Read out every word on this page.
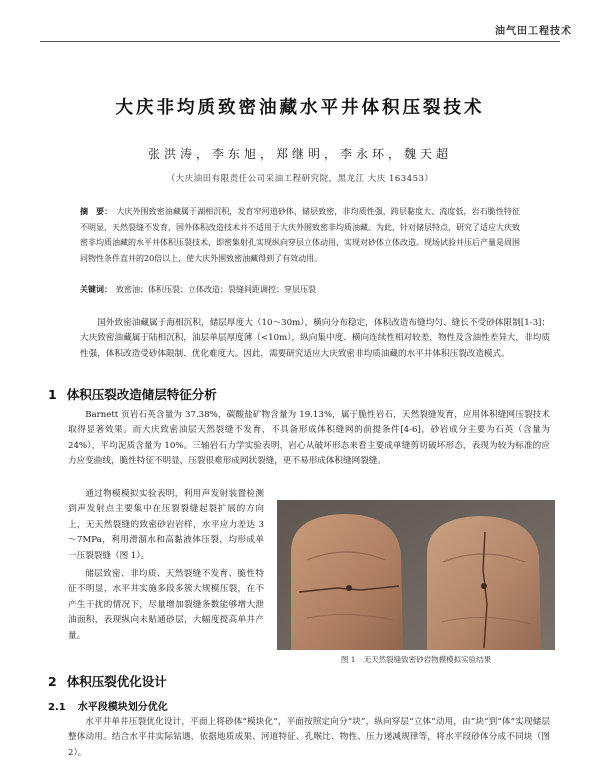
油气田工程技术
大庆非均质致密油藏水平井体积压裂技术
张洪涛，李东旭，郑继明，李永环，魏天超
（大庆油田有限责任公司采油工程研究院，黑龙江 大庆 163453）
摘　要： 大庆外围致密油藏属于湖相沉积，发育窄河道砂体，储层致密，非均质性强，跨层黏度大、流度低，岩石脆性特征不明显，天然裂缝不发育，国外体积改造技术并不适用于大庆外围致密非均质油藏。为此，针对储层特点，研究了适应大庆致密非均质油藏的水平井体积压裂技术，即密集射孔实现纵向穿层立体动用，实现对砂体立体改造。现场试验井压后产量是周围同物性条件直井的20倍以上，使大庆外围致密油藏得到了有效动用。
关键词： 致密油；体积压裂；立体改造；裂缝间距调控；穿层压裂
国外致密油藏属于海相沉积，储层厚度大（10～30m），横向分布稳定，体积改造布缝均匀、缝长不受砂体限制[1-3]；大庆致密油藏属于陆相沉积，油层单层厚度薄（<10m），纵向集中度、横向连续性相对较差，物性及含油性差异大，非均质性强，体积改造受砂体限制、优化难度大。因此，需要研究适应大庆致密非均质油藏的水平井体积压裂改造模式。
1 体积压裂改造储层特征分析
Barnett 页岩石英含量为 37.38%，碳酸盐矿物含量为 19.13%，属于脆性岩石，天然裂缝发育，应用体积缝网压裂技术取得显著效果。而大庆致密油层天然裂缝不发育，不具备形成体积缝网的前提条件[4-6]，砂岩成分主要为石英（含量为 24%），平均泥质含量为 10%。三轴岩石力学实验表明，岩心从破坏形态来看主要成单缝剪切破坏形态，表现为较为标准的应力应变曲线，脆性特征不明显，压裂很难形成网状裂缝，更不易形成体积缝网裂缝。
通过物模模拟实验表明，利用声发射装置检测到声发射点主要集中在压裂裂缝起裂扩展的方向上，无天然裂缝的致密砂岩岩样，水平应力差达 3～7MPa，利用滑溜水和高黏液体压裂，均形成单一压裂裂缝（图 1）。
储层致密、非均质、天然裂缝不发育、脆性特征不明显，水平井实施多段多簇大规模压裂，在不产生干扰的情况下，尽量增加裂缝条数能够增大泄油面积，表现纵向未贴通砂层，大幅度提高单井产量。
图 1 无天然裂缝致密砂岩物模模拟实验结果
2 体积压裂优化设计
2.1 水平段模块划分优化
水平井单井压裂优化设计，平面上将砂体“模块化”，平面按照定向分“块”，纵向穿层“立体”动用，由“块”到“体”实现储层整体动用。结合水平井实际钻遇，依据地质成果、河道特征、孔喉比、物性、压力递减规律等，将水平段砂体分成不同块（图 2）。
